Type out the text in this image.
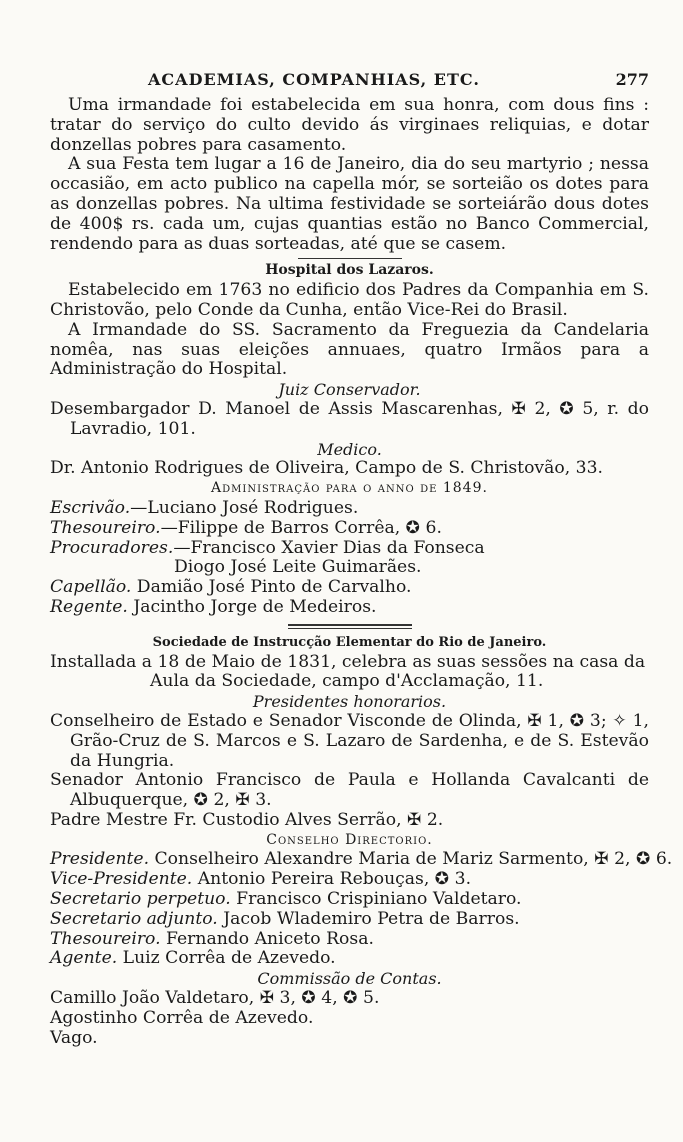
ACADEMIAS, COMPANHIAS, ETC.	277

Uma irmandade foi estabelecida em sua honra, com dous fins : tratar do serviço do culto devido ás virginaes reliquias, e dotar donzellas pobres para casamento.

A sua Festa tem lugar a 16 de Janeiro, dia do seu martyrio ; nessa occasião, em acto publico na capella mór, se sorteião os dotes para as donzellas pobres. Na ultima festividade se sorteiárão dous dotes de 400$ rs. cada um, cujas quantias estão no Banco Commercial, rendendo para as duas sorteadas, até que se casem.

Hospital dos Lazaros.

Estabelecido em 1763 no edificio dos Padres da Companhia em S. Christovão, pelo Conde da Cunha, então Vice-Rei do Brasil.

A Irmandade do SS. Sacramento da Freguezia da Candelaria nomêa, nas suas eleições annuaes, quatro Irmãos para a Administração do Hospital.

Juiz Conservador.

Desembargador D. Manoel de Assis Mascarenhas, ✠ 2, ✪ 5, r. do Lavradio, 101.

Medico.

Dr. Antonio Rodrigues de Oliveira, Campo de S. Christovão, 33.

Administração para o anno de 1849.
Escrivão.—Luciano José Rodrigues.
Thesoureiro.—Filippe de Barros Corrêa, ✪ 6.
Procuradores.—Francisco Xavier Dias da Fonseca
Diogo José Leite Guimarães.
Capellão. Damião José Pinto de Carvalho.
Regente. Jacintho Jorge de Medeiros.
Sociedade de Instrucção Elementar do Rio de Janeiro.

Installada a 18 de Maio de 1831, celebra as suas sessões na casa da

Aula da Sociedade, campo d'Acclamação, 11.

Presidentes honorarios.

Conselheiro de Estado e Senador Visconde de Olinda, ✠ 1, ✪ 3; ✧ 1, Grão-Cruz de S. Marcos e S. Lazaro de Sardenha, e de S. Estevão da Hungria.

Senador Antonio Francisco de Paula e Hollanda Cavalcanti de Albuquerque, ✪ 2, ✠ 3.

Padre Mestre Fr. Custodio Alves Serrão, ✠ 2.

Conselho Directorio.
Presidente. Conselheiro Alexandre Maria de Mariz Sarmento, ✠ 2, ✪ 6.
Vice-Presidente. Antonio Pereira Rebouças, ✪ 3.
Secretario perpetuo. Francisco Crispiniano Valdetaro.
Secretario adjunto. Jacob Wlademiro Petra de Barros.
Thesoureiro. Fernando Aniceto Rosa.
Agente. Luiz Corrêa de Azevedo.
Commissão de Contas.
Camillo João Valdetaro, ✠ 3, ✪ 4, ✪ 5.
Agostinho Corrêa de Azevedo.
Vago.
